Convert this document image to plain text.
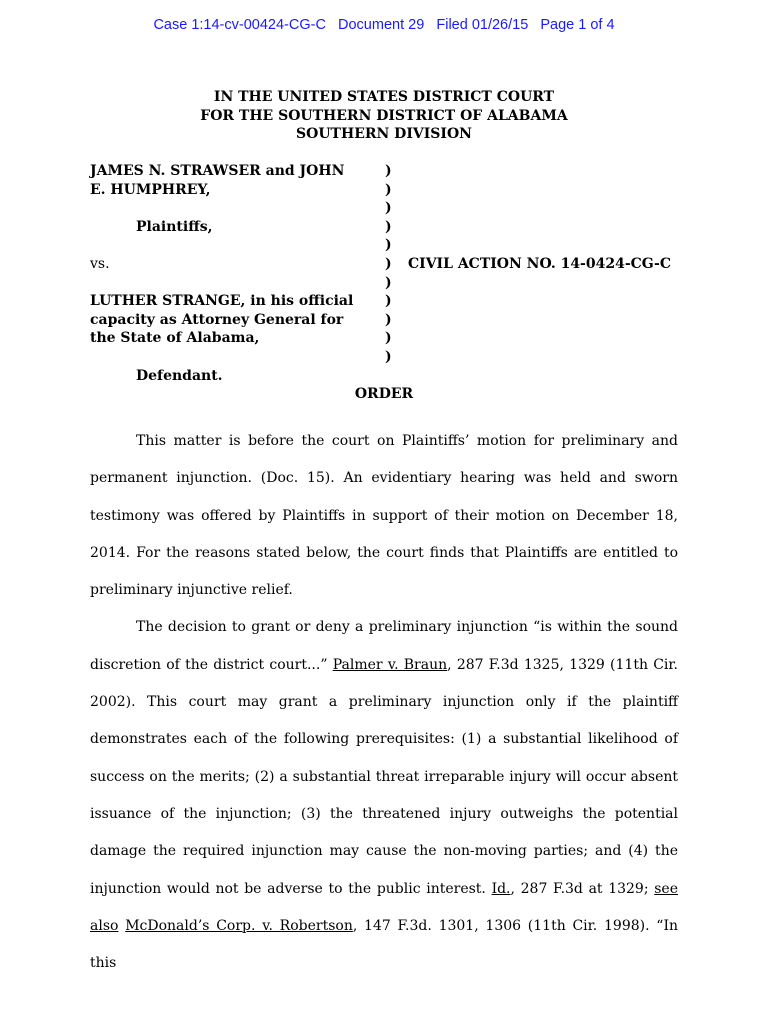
Case 1:14-cv-00424-CG-C Document 29 Filed 01/26/15 Page 1 of 4
IN THE UNITED STATES DISTRICT COURT
FOR THE SOUTHERN DISTRICT OF ALABAMA
SOUTHERN DIVISION

JAMES N. STRAWSER and JOHN

E. HUMPHREY,

Plaintiffs,

vs.

LUTHER STRANGE, in his official

capacity as Attorney General for

the State of Alabama,

Defendant.

)
)
)
)
)
)
)
)
)
)
)
CIVIL ACTION NO. 14-0424-CG-C
ORDER

This matter is before the court on Plaintiffs’ motion for preliminary and permanent injunction. (Doc. 15). An evidentiary hearing was held and sworn testimony was offered by Plaintiffs in support of their motion on December 18, 2014. For the reasons stated below, the court finds that Plaintiffs are entitled to preliminary injunctive relief.

The decision to grant or deny a preliminary injunction “is within the sound discretion of the district court...” Palmer v. Braun, 287 F.3d 1325, 1329 (11th Cir. 2002). This court may grant a preliminary injunction only if the plaintiff demonstrates each of the following prerequisites: (1) a substantial likelihood of success on the merits; (2) a substantial threat irreparable injury will occur absent issuance of the injunction; (3) the threatened injury outweighs the potential damage the required injunction may cause the non-moving parties; and (4) the injunction would not be adverse to the public interest. Id., 287 F.3d at 1329; see also McDonald’s Corp. v. Robertson, 147 F.3d. 1301, 1306 (11th Cir. 1998). “In this
